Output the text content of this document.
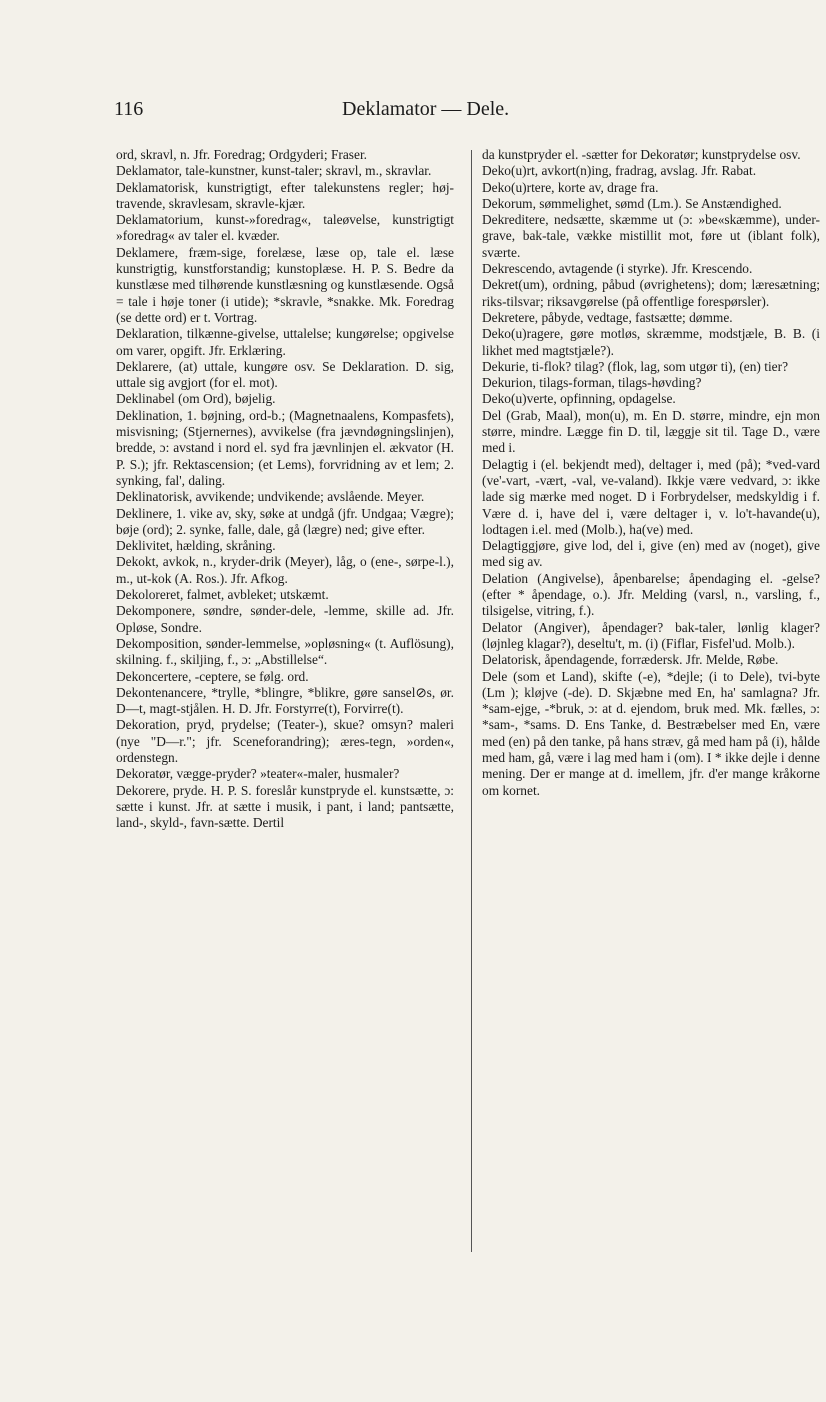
116	Deklamator — Dele.

ord, skravl, n. Jfr. Foredrag; Ordgyderi; Fraser.

Deklamator, tale-kunstner, kunst-taler; skravl, m., skravlar.

Deklamatorisk, kunstrigtigt, efter talekunstens regler; høj-travende, skravlesam, skravle-kjær.

Deklamatorium, kunst-»foredrag«, taleøvelse, kunstrigtigt »foredrag« av taler el. kvæder.

Deklamere, fræm-sige, forelæse, læse op, tale el. læse kunstrigtig, kunstforstandig; kunstoplæse. H. P. S. Bedre da kunstlæse med tilhørende kunstlæsning og kunstlæsende. Også = tale i høje toner (i utide); *skravle, *snakke. Mk. Foredrag (se dette ord) er t. Vortrag.

Deklaration, tilkænne-givelse, uttalelse; kungørelse; opgivelse om varer, opgift. Jfr. Erklæring.

Deklarere, (at) uttale, kungøre osv. Se Deklaration. D. sig, uttale sig avgjort (for el. mot).

Deklinabel (om Ord), bøjelig.

Deklination, 1. bøjning, ord-b.; (Magnetnaalens, Kompasfets), misvisning; (Stjernernes), avvikelse (fra jævndøgningslinjen), bredde, ɔ: avstand i nord el. syd fra jævnlinjen el. ækvator (H. P. S.); jfr. Rektascension; (et Lems), forvridning av et lem; 2. synking, fal', daling.

Deklinatorisk, avvikende; undvikende; avslående. Meyer.

Deklinere, 1. vike av, sky, søke at undgå (jfr. Undgaa; Vægre); bøje (ord); 2. synke, falle, dale, gå (lægre) ned; give efter.

Deklivitet, hælding, skråning.

Dekokt, avkok, n., kryder-drik (Meyer), låg, o (ene-, sørpe-l.), m., ut-kok (A. Ros.). Jfr. Afkog.

Dekoloreret, falmet, avbleket; utskæmt.

Dekomponere, søndre, sønder-dele, -lemme, skille ad. Jfr. Opløse, Sondre.

Dekomposition, sønder-lemmelse, »opløsning« (t. Auflösung), skilning. f., skiljing, f., ɔ: „Abstillelse“.

Dekoncertere, -ceptere, se følg. ord.

Dekontenancere, *trylle, *blingre, *blikre, gøre sansel⊘s, ør. D—t, magt-stjålen. H. D. Jfr. Forstyrre(t), Forvirre(t).

Dekoration, pryd, prydelse; (Teater-), skue? omsyn? maleri (nye "D—r."; jfr. Sceneforandring); æres-tegn, »orden«, ordenstegn.

Dekoratør, vægge-pryder? »teater«-maler, husmaler?

Dekorere, pryde. H. P. S. foreslår kunstpryde el. kunstsætte, ɔ: sætte i kunst. Jfr. at sætte i musik, i pant, i land; pantsætte, land-, skyld-, favn-sætte. Dertil

da kunstpryder el. -sætter for Dekoratør; kunstprydelse osv.

Deko(u)rt, avkort(n)ing, fradrag, avslag. Jfr. Rabat.

Deko(u)rtere, korte av, drage fra.

Dekorum, sømmelighet, sømd (Lm.). Se Anstændighed.

Dekreditere, nedsætte, skæmme ut (ɔ: »be«skæmme), under-grave, bak-tale, vække mistillit mot, føre ut (iblant folk), sværte.

Dekrescendo, avtagende (i styrke). Jfr. Krescendo.

Dekret(um), ordning, påbud (øvrighetens); dom; læresætning; riks-tilsvar; riksavgørelse (på offentlige forespørsler).

Dekretere, påbyde, vedtage, fastsætte; dømme.

Deko(u)ragere, gøre motløs, skræmme, modstjæle, B. B. (i likhet med magtstjæle?).

Dekurie, ti-flok? tilag? (flok, lag, som utgør ti), (en) tier?

Dekurion, tilags-forman, tilags-høvding?

Deko(u)verte, opfinning, opdagelse.

Del (Grab, Maal), mon(u), m. En D. større, mindre, ejn mon større, mindre. Lægge fin D. til, læggje sit til. Tage D., være med i.

Delagtig i (el. bekjendt med), deltager i, med (på); *ved-vard (ve'-vart, -vært, -val, ve-valand). Ikkje være vedvard, ɔ: ikke lade sig mærke med noget. D i Forbrydelser, medskyldig i f. Være d. i, have del i, være deltager i, v. lo't-havande(u), lodtagen i.el. med (Molb.), ha(ve) med.

Delagtiggjøre, give lod, del i, give (en) med av (noget), give med sig av.

Delation (Angivelse), åpenbarelse; åpendaging el. -gelse? (efter * åpendage, o.). Jfr. Melding (varsl, n., varsling, f., tilsigelse, vitring, f.).

Delator (Angiver), åpendager? bak-taler, lønlig klager? (løjnleg klagar?), deseltu't, m. (i) (Fiflar, Fisfel'ud. Molb.).

Delatorisk, åpendagende, forrædersk. Jfr. Melde, Røbe.

Dele (som et Land), skifte (-e), *dejle; (i to Dele), tvi-byte (Lm ); kløjve (-de). D. Skjæbne med En, ha' samlagna? Jfr. *sam-ejge, -*bruk, ɔ: at d. ejendom, bruk med. Mk. fælles, ɔ: *sam-, *sams. D. Ens Tanke, d. Bestræbelser med En, være med (en) på den tanke, på hans stræv, gå med ham på (i), hålde med ham, gå, være i lag med ham i (om). I * ikke dejle i denne mening. Der er mange at d. imellem, jfr. d'er mange kråkorne om kornet.
